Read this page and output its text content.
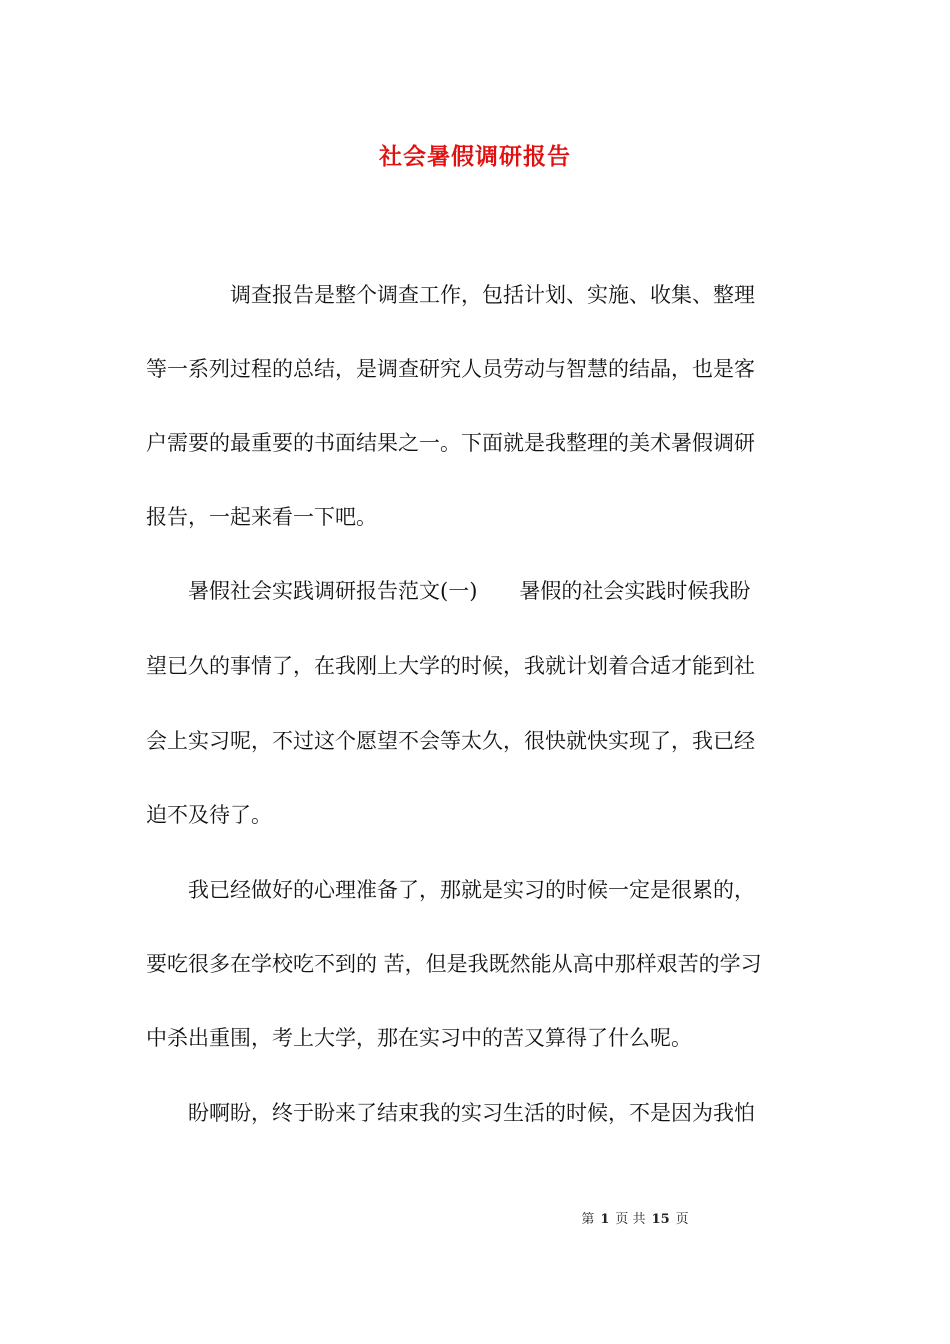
社会暑假调研报告
　　　　调查报告是整个调查工作，包括计划、实施、收集、整理
等一系列过程的总结，是调查研究人员劳动与智慧的结晶，也是客
户需要的最重要的书面结果之一。下面就是我整理的美术暑假调研
报告，一起来看一下吧。
　　暑假社会实践调研报告范文(一)　　暑假的社会实践时候我盼
望已久的事情了，在我刚上大学的时候，我就计划着合适才能到社
会上实习呢，不过这个愿望不会等太久，很快就快实现了，我已经
迫不及待了。
　　我已经做好的心理准备了，那就是实习的时候一定是很累的，
要吃很多在学校吃不到的 苦，但是我既然能从高中那样艰苦的学习
中杀出重围，考上大学，那在实习中的苦又算得了什么呢。
　　盼啊盼，终于盼来了结束我的实习生活的时候，不是因为我怕
第 1 页 共 15 页
